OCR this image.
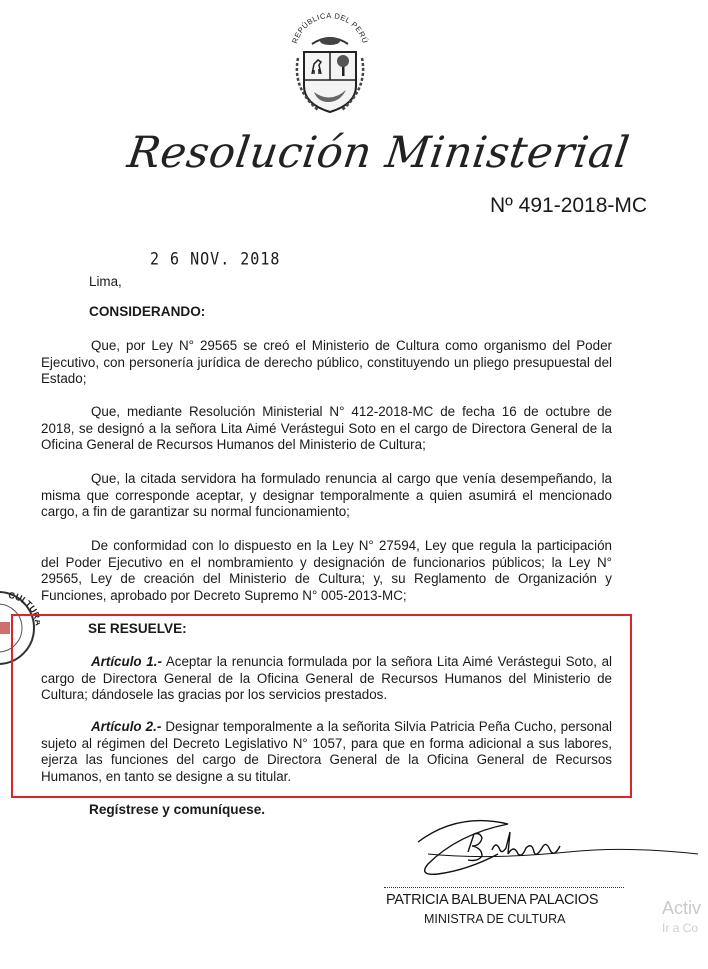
REPÚBLICA DEL PERÚ
Resolución Ministerial
Nº 491-2018-MC
2 6 NOV. 2018
Lima,
CONSIDERANDO:
Que, por Ley N° 29565 se creó el Ministerio de Cultura como organismo del Poder Ejecutivo, con personería jurídica de derecho público, constituyendo un pliego presupuestal del Estado;
Que, mediante Resolución Ministerial N° 412-2018-MC de fecha 16 de octubre de 2018, se designó a la señora Lita Aimé Verástegui Soto en el cargo de Directora General de la Oficina General de Recursos Humanos del Ministerio de Cultura;
Que, la citada servidora ha formulado renuncia al cargo que venía desempeñando, la misma que corresponde aceptar, y designar temporalmente a quien asumirá el mencionado cargo, a fin de garantizar su normal funcionamiento;
De conformidad con lo dispuesto en la Ley N° 27594, Ley que regula la participación del Poder Ejecutivo en el nombramiento y designación de funcionarios públicos; la Ley N° 29565, Ley de creación del Ministerio de Cultura; y, su Reglamento de Organización y Funciones, aprobado por Decreto Supremo N° 005-2013-MC;
CULTU
SE RESUELVE:
Artículo 1.- Aceptar la renuncia formulada por la señora Lita Aimé Verástegui Soto, al cargo de Directora General de la Oficina General de Recursos Humanos del Ministerio de Cultura; dándosele las gracias por los servicios prestados.
Artículo 2.- Designar temporalmente a la señorita Silvia Patricia Peña Cucho, personal sujeto al régimen del Decreto Legislativo N° 1057, para que en forma adicional a sus labores, ejerza las funciones del cargo de Directora General de la Oficina General de Recursos Humanos, en tanto se designe a su titular.
Regístrese y comuníquese.
PATRICIA BALBUENA PALACIOS
MINISTRA DE CULTURA
Activ
Ir a Co
